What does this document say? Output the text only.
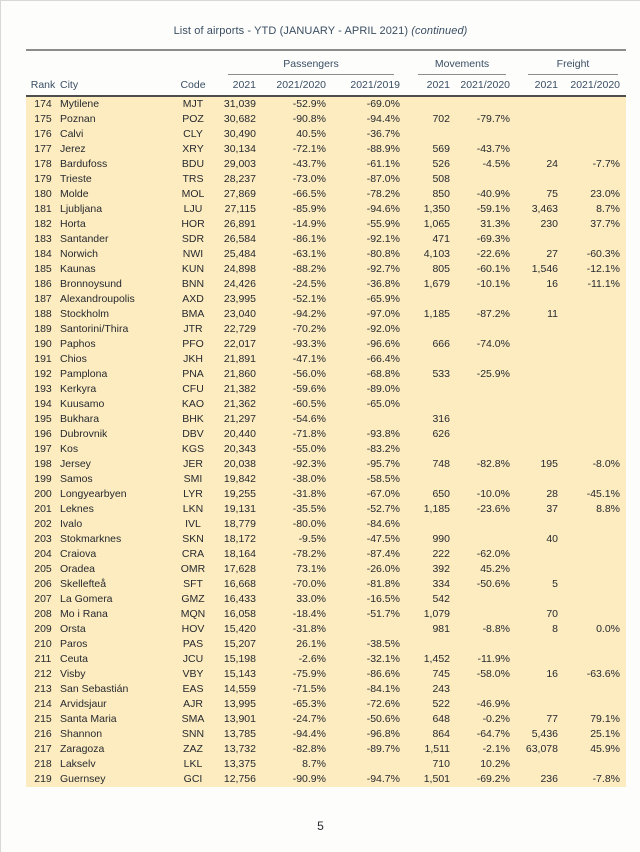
List of airports - YTD (JANUARY - APRIL 2021) (continued)

			Passengers			Movements		Freight	

Rank	City	Code	2021	2021/2020	2021/2019	2021	2021/2020	2021	2021/2020
174	Mytilene	MJT	31,039	-52.9%	-69.0%				
175	Poznan	POZ	30,682	-90.8%	-94.4%	702	-79.7%		
176	Calvi	CLY	30,490	40.5%	-36.7%				
177	Jerez	XRY	30,134	-72.1%	-88.9%	569	-43.7%		
178	Bardufoss	BDU	29,003	-43.7%	-61.1%	526	-4.5%	24	-7.7%
179	Trieste	TRS	28,237	-73.0%	-87.0%	508			
180	Molde	MOL	27,869	-66.5%	-78.2%	850	-40.9%	75	23.0%
181	Ljubljana	LJU	27,115	-85.9%	-94.6%	1,350	-59.1%	3,463	8.7%
182	Horta	HOR	26,891	-14.9%	-55.9%	1,065	31.3%	230	37.7%
183	Santander	SDR	26,584	-86.1%	-92.1%	471	-69.3%		
184	Norwich	NWI	25,484	-63.1%	-80.8%	4,103	-22.6%	27	-60.3%
185	Kaunas	KUN	24,898	-88.2%	-92.7%	805	-60.1%	1,546	-12.1%
186	Bronnoysund	BNN	24,426	-24.5%	-36.8%	1,679	-10.1%	16	-11.1%
187	Alexandroupolis	AXD	23,995	-52.1%	-65.9%				
188	Stockholm	BMA	23,040	-94.2%	-97.0%	1,185	-87.2%	11	
189	Santorini/Thira	JTR	22,729	-70.2%	-92.0%				
190	Paphos	PFO	22,017	-93.3%	-96.6%	666	-74.0%		
191	Chios	JKH	21,891	-47.1%	-66.4%				
192	Pamplona	PNA	21,860	-56.0%	-68.8%	533	-25.9%		
193	Kerkyra	CFU	21,382	-59.6%	-89.0%				
194	Kuusamo	KAO	21,362	-60.5%	-65.0%				
195	Bukhara	BHK	21,297	-54.6%		316			
196	Dubrovnik	DBV	20,440	-71.8%	-93.8%	626			
197	Kos	KGS	20,343	-55.0%	-83.2%				
198	Jersey	JER	20,038	-92.3%	-95.7%	748	-82.8%	195	-8.0%
199	Samos	SMI	19,842	-38.0%	-58.5%				
200	Longyearbyen	LYR	19,255	-31.8%	-67.0%	650	-10.0%	28	-45.1%
201	Leknes	LKN	19,131	-35.5%	-52.7%	1,185	-23.6%	37	8.8%
202	Ivalo	IVL	18,779	-80.0%	-84.6%				
203	Stokmarknes	SKN	18,172	-9.5%	-47.5%	990		40	
204	Craiova	CRA	18,164	-78.2%	-87.4%	222	-62.0%		
205	Oradea	OMR	17,628	73.1%	-26.0%	392	45.2%		
206	Skellefteå	SFT	16,668	-70.0%	-81.8%	334	-50.6%	5	
207	La Gomera	GMZ	16,433	33.0%	-16.5%	542			
208	Mo i Rana	MQN	16,058	-18.4%	-51.7%	1,079		70	
209	Orsta	HOV	15,420	-31.8%		981	-8.8%	8	0.0%
210	Paros	PAS	15,207	26.1%	-38.5%				
211	Ceuta	JCU	15,198	-2.6%	-32.1%	1,452	-11.9%		
212	Visby	VBY	15,143	-75.9%	-86.6%	745	-58.0%	16	-63.6%
213	San Sebastián	EAS	14,559	-71.5%	-84.1%	243			
214	Arvidsjaur	AJR	13,995	-65.3%	-72.6%	522	-46.9%		
215	Santa Maria	SMA	13,901	-24.7%	-50.6%	648	-0.2%	77	79.1%
216	Shannon	SNN	13,785	-94.4%	-96.8%	864	-64.7%	5,436	25.1%
217	Zaragoza	ZAZ	13,732	-82.8%	-89.7%	1,511	-2.1%	63,078	45.9%
218	Lakselv	LKL	13,375	8.7%		710	10.2%		
219	Guernsey	GCI	12,756	-90.9%	-94.7%	1,501	-69.2%	236	-7.8%
5
